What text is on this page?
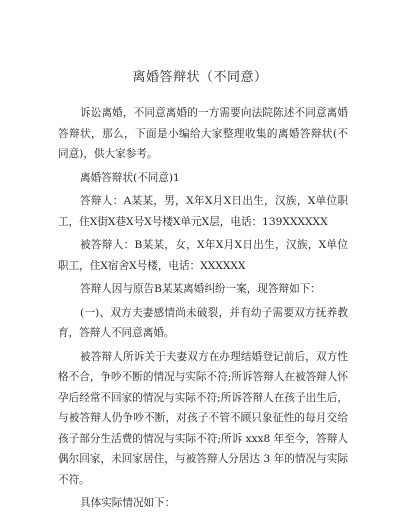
离婚答辩状（不同意）

诉讼离婚，不同意离婚的一方需要向法院陈述不同意离婚答辩状，那么，下面是小编给大家整理收集的离婚答辩状(不同意)，供大家参考。

离婚答辩状(不同意)1

答辩人：A某某，男，X年X月X日出生，汉族，X单位职工，住X街X巷X号X号楼X单元X层，电话：139XXXXXX

被答辩人：B某某，女，X年X月X日出生，汉族，X单位职工，住X宿舍X号楼，电话：XXXXXX

答辩人因与原告B某某离婚纠纷一案，现答辩如下：

(一)、双方夫妻感情尚未破裂，并有幼子需要双方抚养教育，答辩人不同意离婚。

被答辩人所诉关于夫妻双方在办理结婚登记前后，双方性格不合，争吵不断的情况与实际不符;所诉答辩人在被答辩人怀孕后经常不回家的情况与实际不符;所诉答辩人在孩子出生后，与被答辩人仍争吵不断，对孩子不管不顾只象征性的每月交给孩子部分生活费的情况与实际不符;所诉 xxx8 年至今，答辩人偶尔回家，未回家居住，与被答辩人分居达 3 年的情况与实际不符。

具体实际情况如下：
